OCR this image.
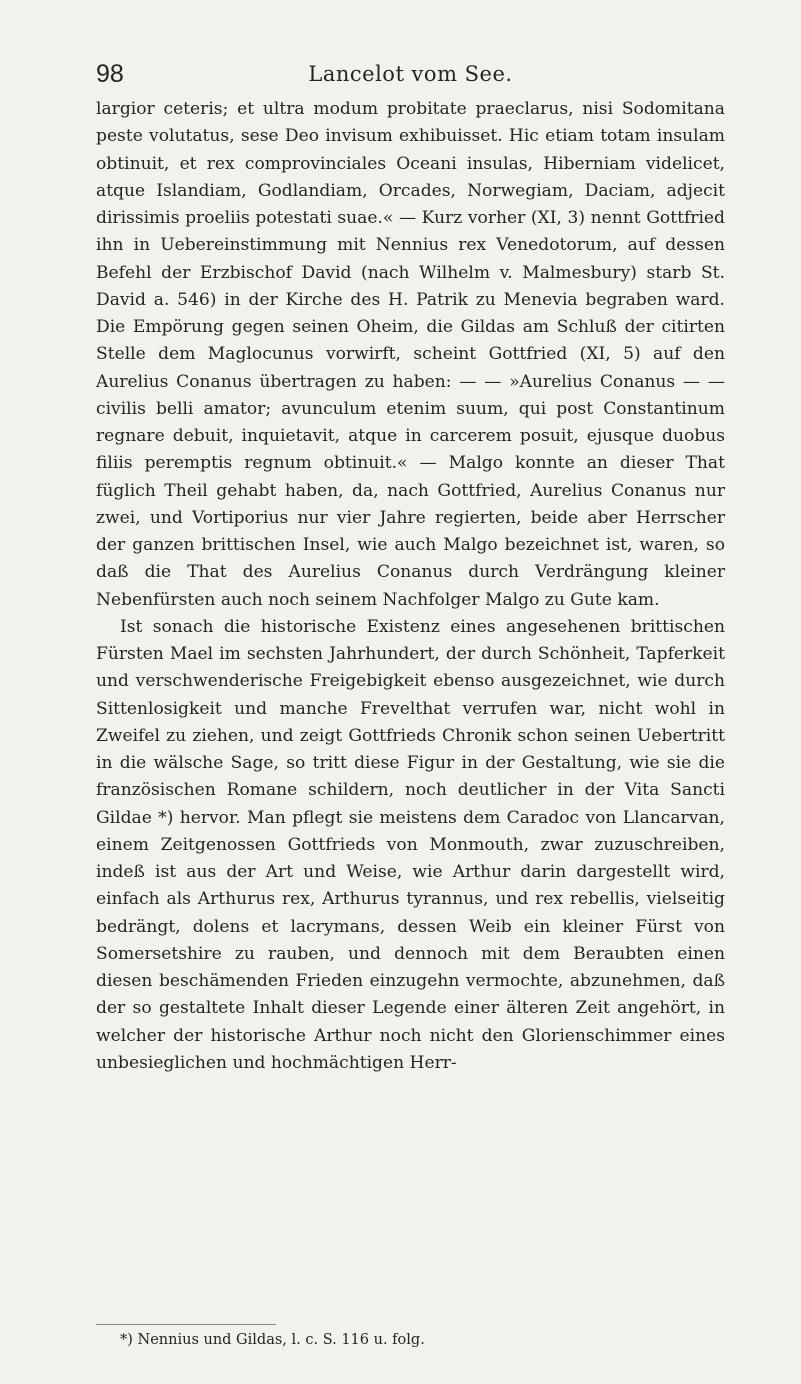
98	Lancelot vom See.

largior ceteris; et ultra modum probitate praeclarus, nisi Sodomitana peste volutatus, sese Deo invisum exhibuisset. Hic etiam totam insulam obtinuit, et rex comprovinciales Oceani insulas, Hiberniam videlicet, atque Islandiam, Godlandiam, Orcades, Norwegiam, Daciam, adjecit dirissimis proeliis potestati suae.« — Kurz vorher (XI, 3) nennt Gottfried ihn in Uebereinstimmung mit Nennius rex Venedotorum, auf dessen Befehl der Erzbischof David (nach Wilhelm v. Malmesbury) starb St. David a. 546) in der Kirche des H. Patrik zu Menevia begraben ward. Die Empörung gegen seinen Oheim, die Gildas am Schluß der citirten Stelle dem Maglocunus vorwirft, scheint Gottfried (XI, 5) auf den Aurelius Conanus übertragen zu haben: — — »Aurelius Conanus — — civilis belli amator; avunculum etenim suum, qui post Constantinum regnare debuit, inquietavit, atque in carcerem posuit, ejusque duobus filiis peremptis regnum obtinuit.« — Malgo konnte an dieser That füglich Theil gehabt haben, da, nach Gottfried, Aurelius Conanus nur zwei, und Vortiporius nur vier Jahre regierten, beide aber Herrscher der ganzen brittischen Insel, wie auch Malgo bezeichnet ist, waren, so daß die That des Aurelius Conanus durch Verdrängung kleiner Nebenfürsten auch noch seinem Nachfolger Malgo zu Gute kam.

Ist sonach die historische Existenz eines angesehenen brittischen Fürsten Mael im sechsten Jahrhundert, der durch Schönheit, Tapferkeit und verschwenderische Freigebigkeit ebenso ausgezeichnet, wie durch Sittenlosigkeit und manche Frevelthat verrufen war, nicht wohl in Zweifel zu ziehen, und zeigt Gottfrieds Chronik schon seinen Uebertritt in die wälsche Sage, so tritt diese Figur in der Gestaltung, wie sie die französischen Romane schildern, noch deutlicher in der Vita Sancti Gildae *) hervor. Man pflegt sie meistens dem Caradoc von Llancarvan, einem Zeitgenossen Gottfrieds von Monmouth, zwar zuzuschreiben, indeß ist aus der Art und Weise, wie Arthur darin dargestellt wird, einfach als Arthurus rex, Arthurus tyrannus, und rex rebellis, vielseitig bedrängt, dolens et lacrymans, dessen Weib ein kleiner Fürst von Somersetshire zu rauben, und dennoch mit dem Beraubten einen diesen beschämenden Frieden einzugehn vermochte, abzunehmen, daß der so gestaltete Inhalt dieser Legende einer älteren Zeit angehört, in welcher der historische Arthur noch nicht den Glorienschimmer eines unbesieglichen und hochmächtigen Herr-

*) Nennius und Gildas, l. c. S. 116 u. folg.
